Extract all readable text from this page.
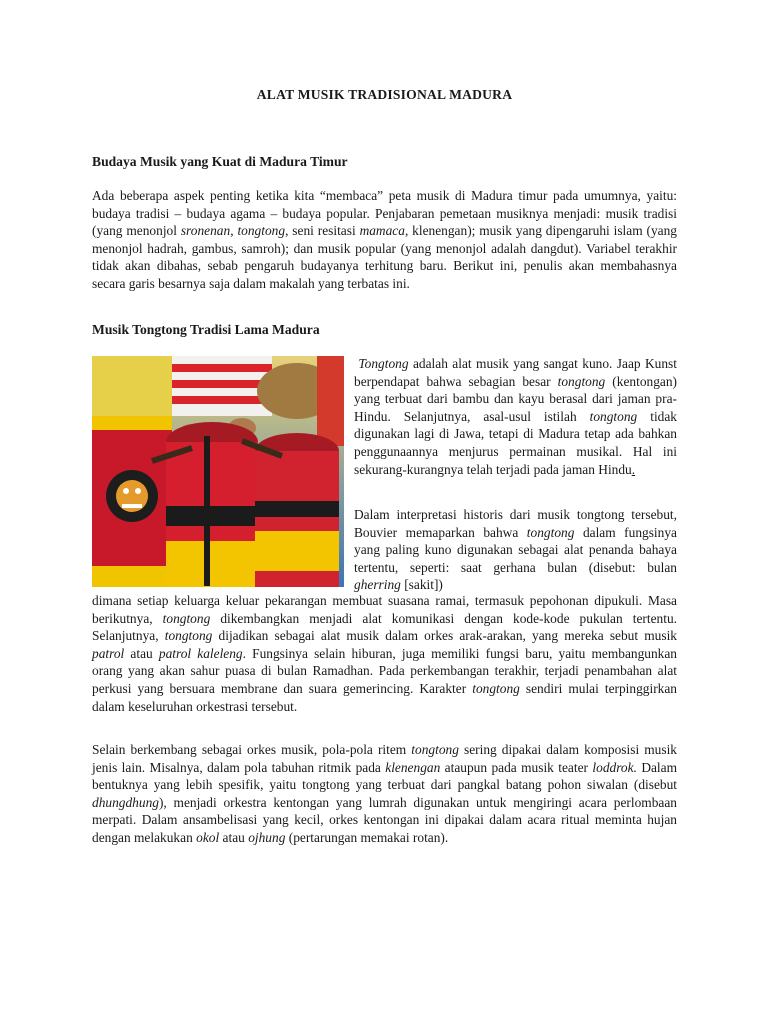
ALAT MUSIK TRADISIONAL MADURA
Budaya Musik yang Kuat di Madura Timur

Ada beberapa aspek penting ketika kita “membaca” peta musik di Madura timur pada umumnya, yaitu: budaya tradisi – budaya agama – budaya popular. Penjabaran pemetaan musiknya menjadi: musik tradisi (yang menonjol sronenan, tongtong, seni resitasi mamaca, klenengan); musik yang dipengaruhi islam (yang menonjol hadrah, gambus, samroh); dan musik popular (yang menonjol adalah dangdut). Variabel terakhir tidak akan dibahas, sebab pengaruh budayanya terhitung baru. Berikut ini, penulis akan membahasnya secara garis besarnya saja dalam makalah yang terbatas ini.

Musik Tongtong Tradisi Lama Madura

Tongtong adalah alat musik yang sangat kuno. Jaap Kunst berpendapat bahwa sebagian besar tongtong (kentongan) yang terbuat dari bambu dan kayu berasal dari jaman pra-Hindu. Selanjutnya, asal-usul istilah tongtong tidak digunakan lagi di Jawa, tetapi di Madura tetap ada bahkan penggunaannya menjurus permainan musikal. Hal ini sekurang-kurangnya telah terjadi pada jaman Hindu.

Dalam interpretasi historis dari musik tongtong tersebut, Bouvier memaparkan bahwa tongtong dalam fungsinya yang paling kuno digunakan sebagai alat penanda bahaya tertentu, seperti: saat gerhana bulan (disebut: bulan gherring [sakit])

dimana setiap keluarga keluar pekarangan membuat suasana ramai, termasuk pepohonan dipukuli. Masa berikutnya, tongtong dikembangkan menjadi alat komunikasi dengan kode-kode pukulan tertentu. Selanjutnya, tongtong dijadikan sebagai alat musik dalam orkes arak-arakan, yang mereka sebut musik patrol atau patrol kaleleng. Fungsinya selain hiburan, juga memiliki fungsi baru, yaitu membangunkan orang yang akan sahur puasa di bulan Ramadhan. Pada perkembangan terakhir, terjadi penambahan alat perkusi yang bersuara membrane dan suara gemerincing. Karakter tongtong sendiri mulai terpinggirkan dalam keseluruhan orkestrasi tersebut.

Selain berkembang sebagai orkes musik, pola-pola ritem tongtong sering dipakai dalam komposisi musik jenis lain. Misalnya, dalam pola tabuhan ritmik pada klenengan ataupun pada musik teater loddrok. Dalam bentuknya yang lebih spesifik, yaitu tongtong yang terbuat dari pangkal batang pohon siwalan (disebut dhungdhung), menjadi orkestra kentongan yang lumrah digunakan untuk mengiringi acara perlombaan merpati. Dalam ansambelisasi yang kecil, orkes kentongan ini dipakai dalam acara ritual meminta hujan dengan melakukan okol atau ojhung (pertarungan memakai rotan).
